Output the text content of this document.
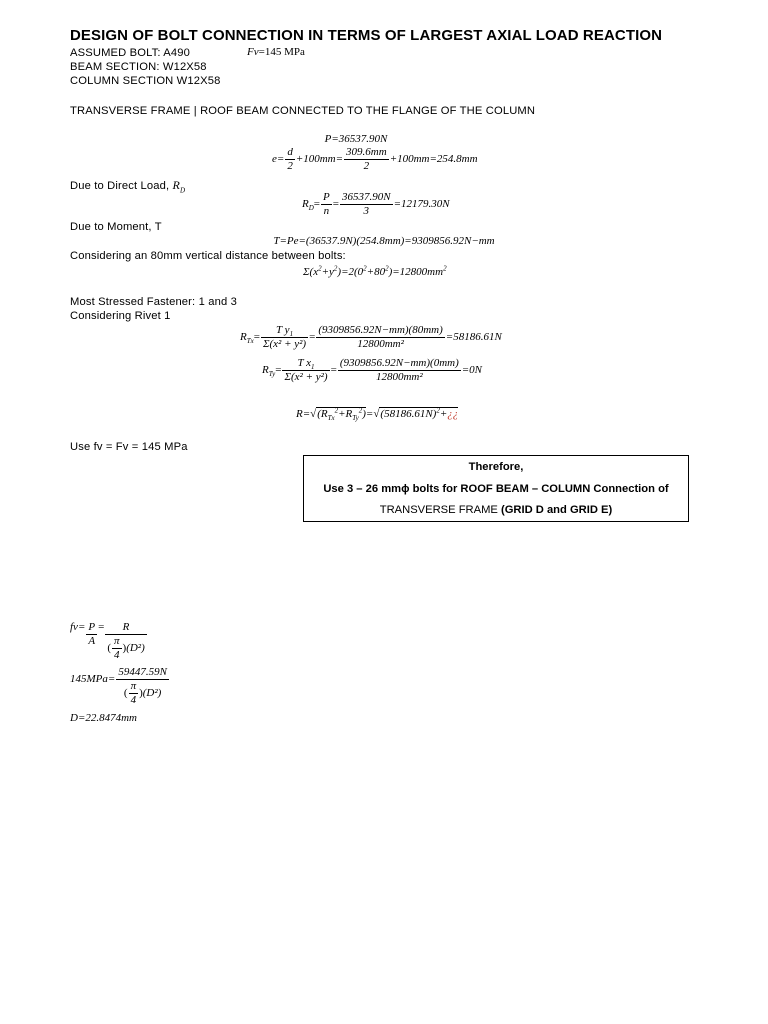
DESIGN OF BOLT CONNECTION IN TERMS OF LARGEST AXIAL LOAD REACTION
ASSUMED BOLT: A490	Fv=145 MPa
BEAM SECTION: W12X58
COLUMN SECTION W12X58
TRANSVERSE FRAME | ROOF BEAM CONNECTED TO THE FLANGE OF THE COLUMN
P=36537.90N
$e= \frac{d}{2} +100mm= \frac{309.6mm}{2} +100mm=254.8mm$
Due to Direct Load, $R_D$
$R_D= \frac{P}{n} = \frac{36537.90N}{3} =12179.30N$
Due to Moment, T
T=Pe=(36537.9N)(254.8mm)=9309856.92N−mm
Considering an 80mm vertical distance between bolts:
$\Sigma(x^2+y^2)=2(0^2+80^2)=12800mm^2$
Most Stressed Fastener: 1 and 3
Considering Rivet 1
$R_{Tx}= \frac{T y_1}{\text{Σ(x² + y²)}} = \frac{(9309856.92N-mm)(80mm)}{\text{12800mm²}} =58186.61N$
$R_{Ty}= \frac{T x_1}{\text{Σ(x² + y²)}} = \frac{(9309856.92N-mm)(0mm)}{\text{12800mm²}} =0N$
$R=√(R_{Tx}^2+R_{Ty}^2)=√(58186.61N)^2+¿¿$
Use fv = Fv = 145 MPa
Therefore,
Use 3 – 26 mmϕ bolts for ROOF BEAM – COLUMN Connection of
TRANSVERSE FRAME (GRID D and GRID E)
$fv= \frac{P}{A} = \frac{R}{( \frac{\pi}{4} )(D^2)}$
$145MPa= \frac{59447.59N}{( \frac{\pi}{4} )(D^2)}$
D=22.8474mm
